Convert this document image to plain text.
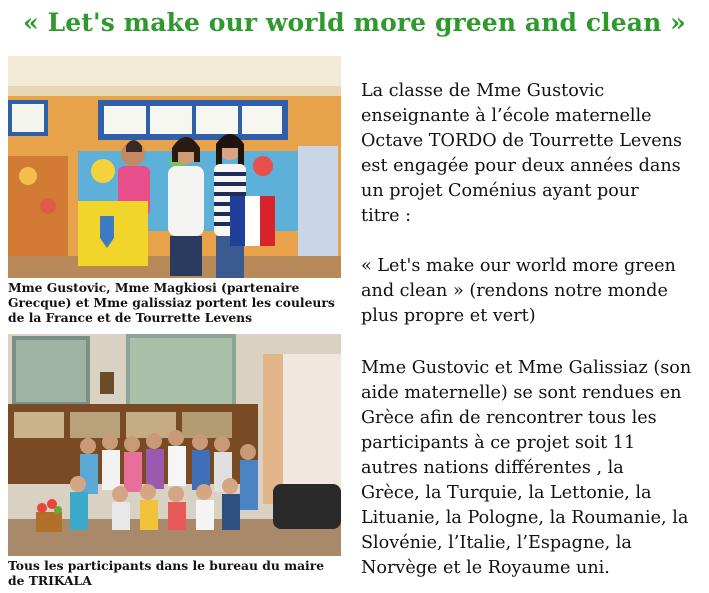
« Let's make our world more green and clean »
Mme Gustovic, Mme Magkiosi (partenaire
Grecque) et Mme galissiaz portent les couleurs
de la France et de Tourrette Levens
Tous les participants dans le bureau du maire
de TRIKALA
La classe de Mme Gustovic
enseignante à l’école maternelle
Octave TORDO de Tourrette Levens
est engagée pour deux années dans
un projet Coménius ayant pour
titre :
« Let's make our world more green
and clean » (rendons notre monde
plus propre et vert)
Mme Gustovic et Mme Galissiaz (son
aide maternelle) se sont rendues en
Grèce afin de rencontrer tous les
participants à ce projet soit 11
autres nations différentes , la
Grèce, la Turquie, la Lettonie, la
Lituanie, la Pologne, la Roumanie, la
Slovénie, l’Italie, l’Espagne, la
Norvège et le Royaume uni.
